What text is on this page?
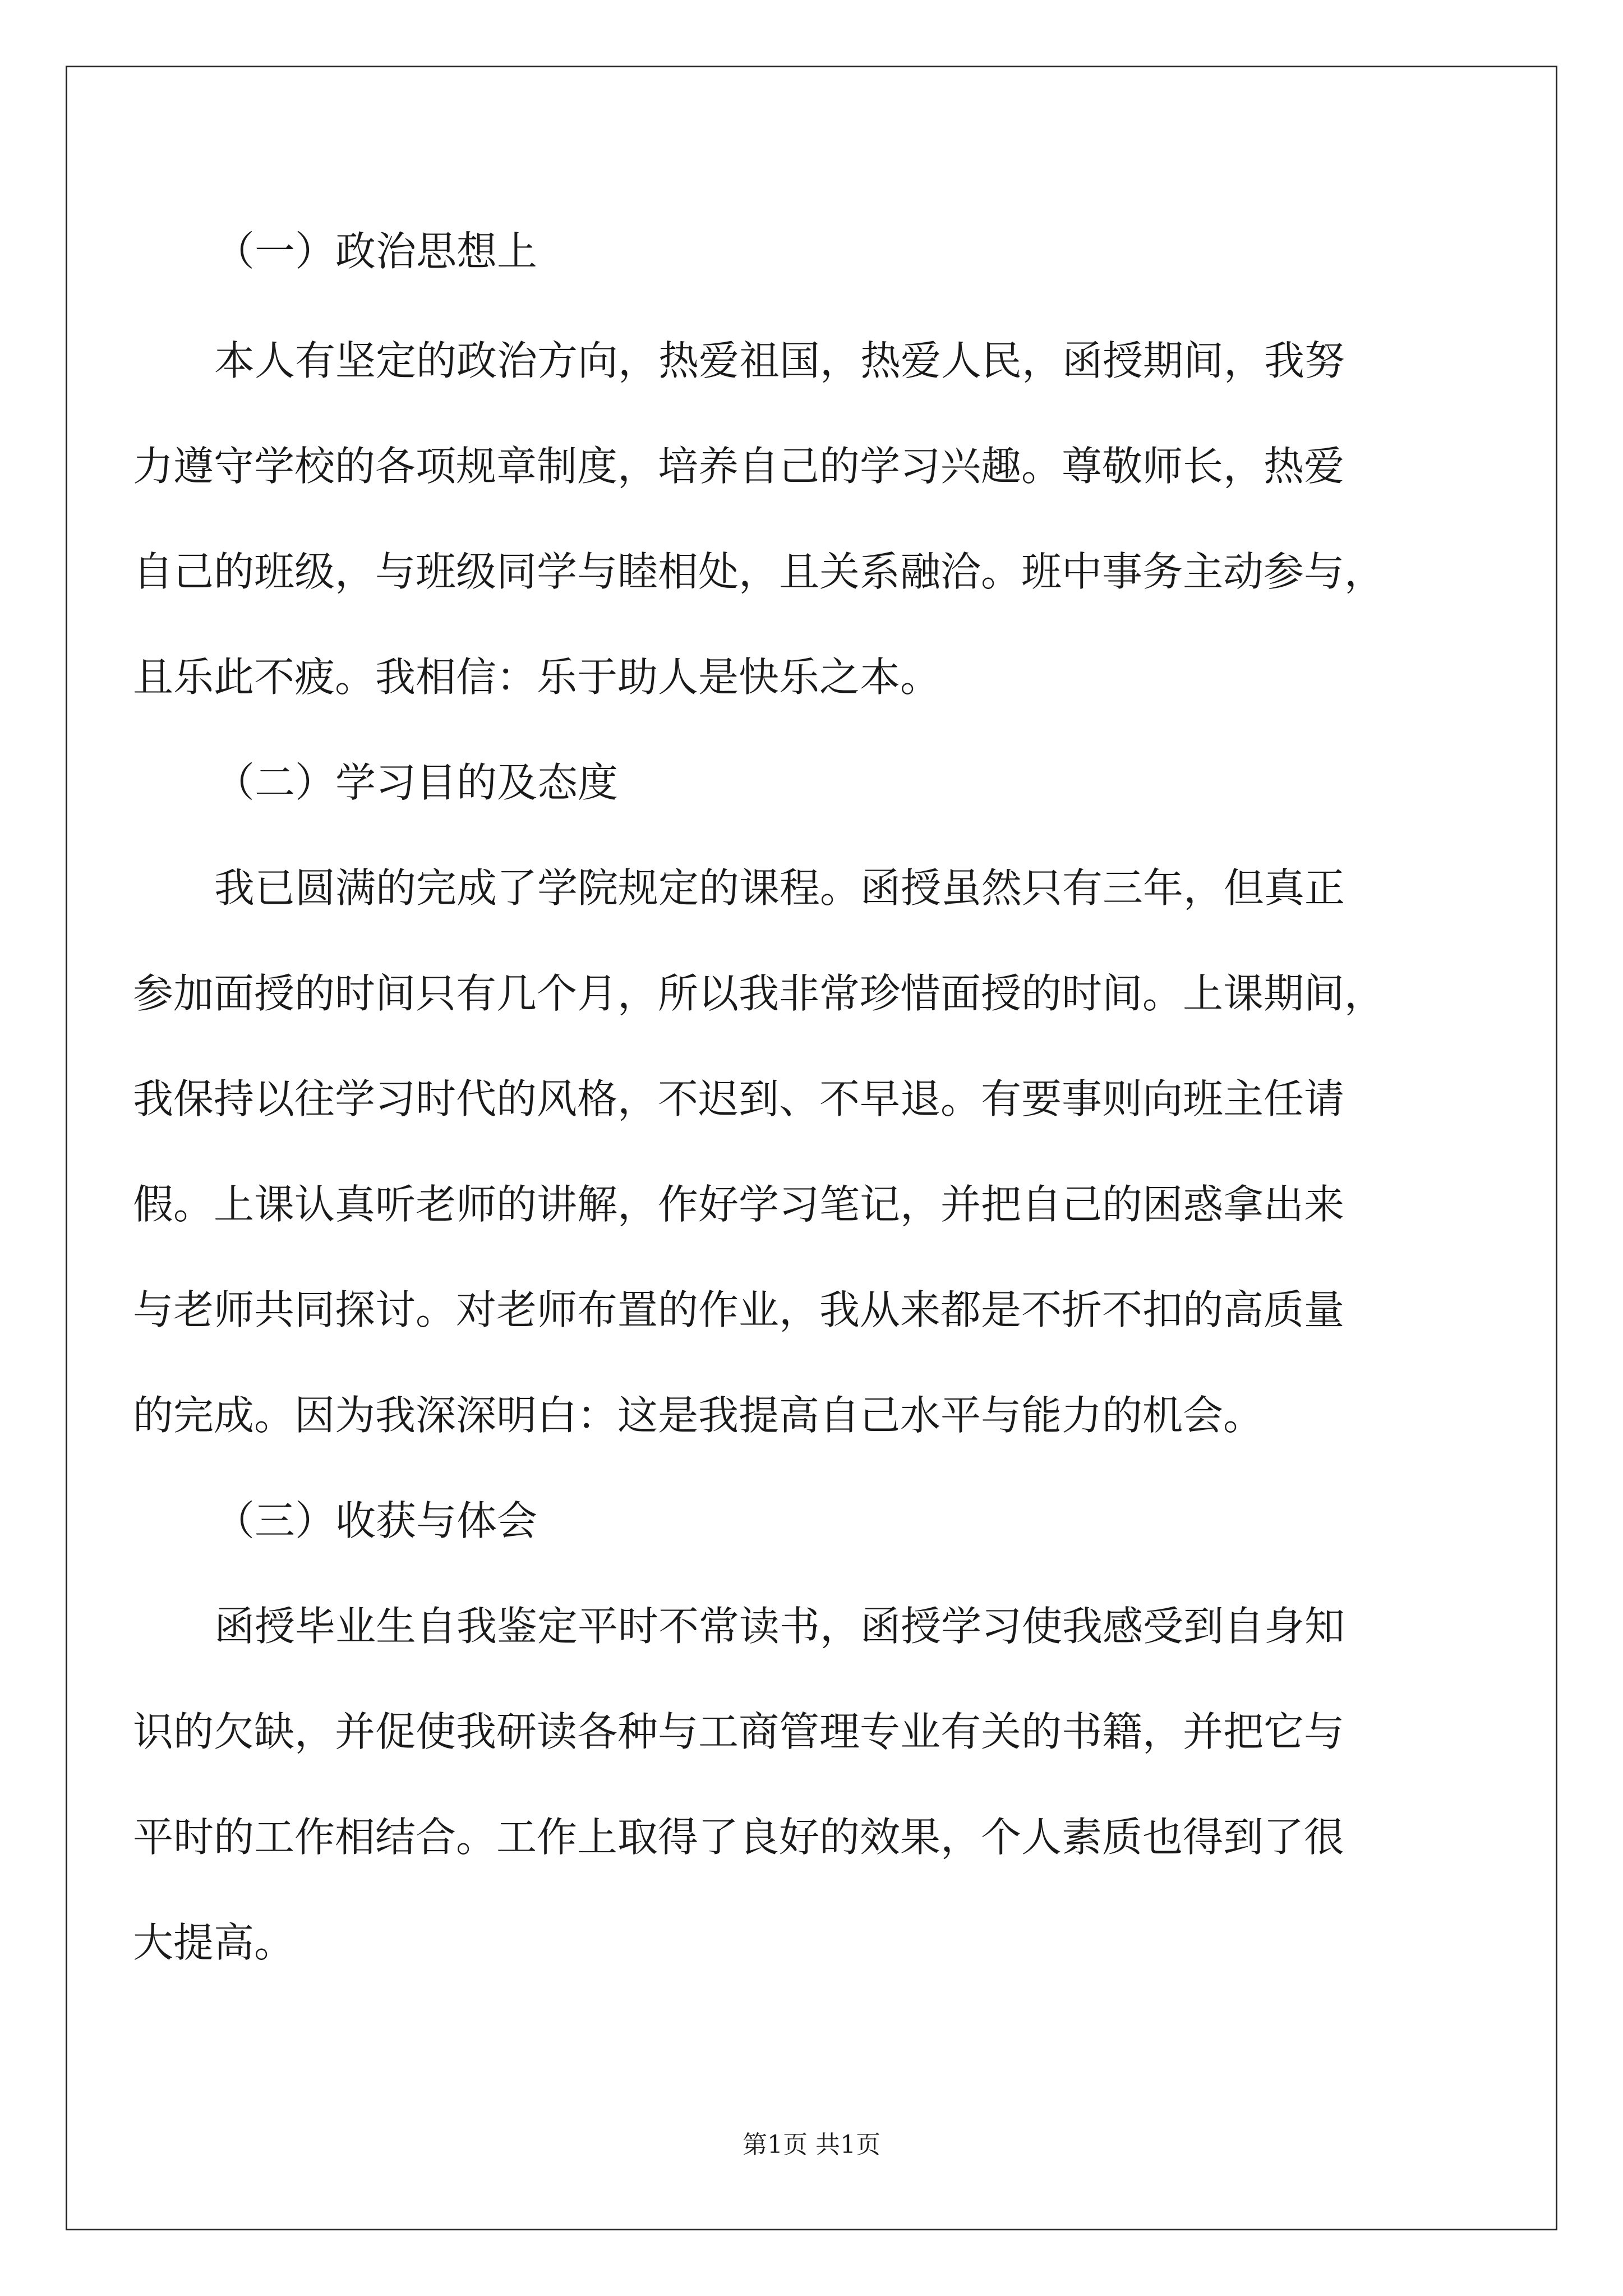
（一）政治思想上
本人有坚定的政治方向，热爱祖国，热爱人民，函授期间，我努
力遵守学校的各项规章制度，培养自己的学习兴趣。尊敬师长，热爱
自己的班级，与班级同学与睦相处，且关系融洽。班中事务主动参与，
且乐此不疲。我相信：乐于助人是快乐之本。
（二）学习目的及态度
我已圆满的完成了学院规定的课程。函授虽然只有三年，但真正
参加面授的时间只有几个月，所以我非常珍惜面授的时间。上课期间，
我保持以往学习时代的风格，不迟到、不早退。有要事则向班主任请
假。上课认真听老师的讲解，作好学习笔记，并把自己的困惑拿出来
与老师共同探讨。对老师布置的作业，我从来都是不折不扣的高质量
的完成。因为我深深明白：这是我提高自己水平与能力的机会。
（三）收获与体会
函授毕业生自我鉴定平时不常读书，函授学习使我感受到自身知
识的欠缺，并促使我研读各种与工商管理专业有关的书籍，并把它与
平时的工作相结合。工作上取得了良好的效果，个人素质也得到了很
大提高。
第1页 共1页
